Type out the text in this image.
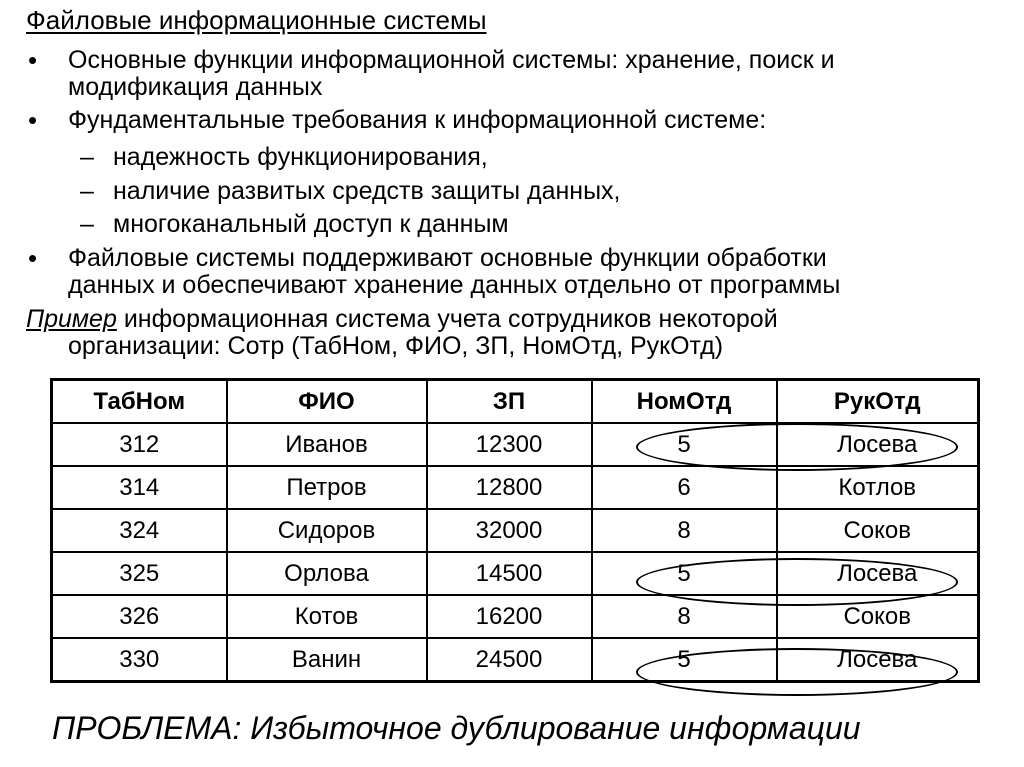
Файловые информационные системы
• Основные функции информационной системы: хранение, поиск и
модификация данных
• Фундаментальные требования к информационной системе:
– надежность функционирования,
– наличие развитых средств защиты данных,
– многоканальный доступ к данным
• Файловые системы поддерживают основные функции обработки
данных и обеспечивают хранение данных отдельно от программы
Пример информационная система учета сотрудников некоторой
организации: Сотр (ТабНом, ФИО, ЗП, НомОтд, РукОтд)
ТабНом	ФИО	ЗП	НомОтд	РукОтд
312	Иванов	12300	5	Лосева
314	Петров	12800	6	Котлов
324	Сидоров	32000	8	Соков
325	Орлова	14500	5	Лосева
326	Котов	16200	8	Соков
330	Ванин	24500	5	Лосева
ПРОБЛЕМА: Избыточное дублирование информации
